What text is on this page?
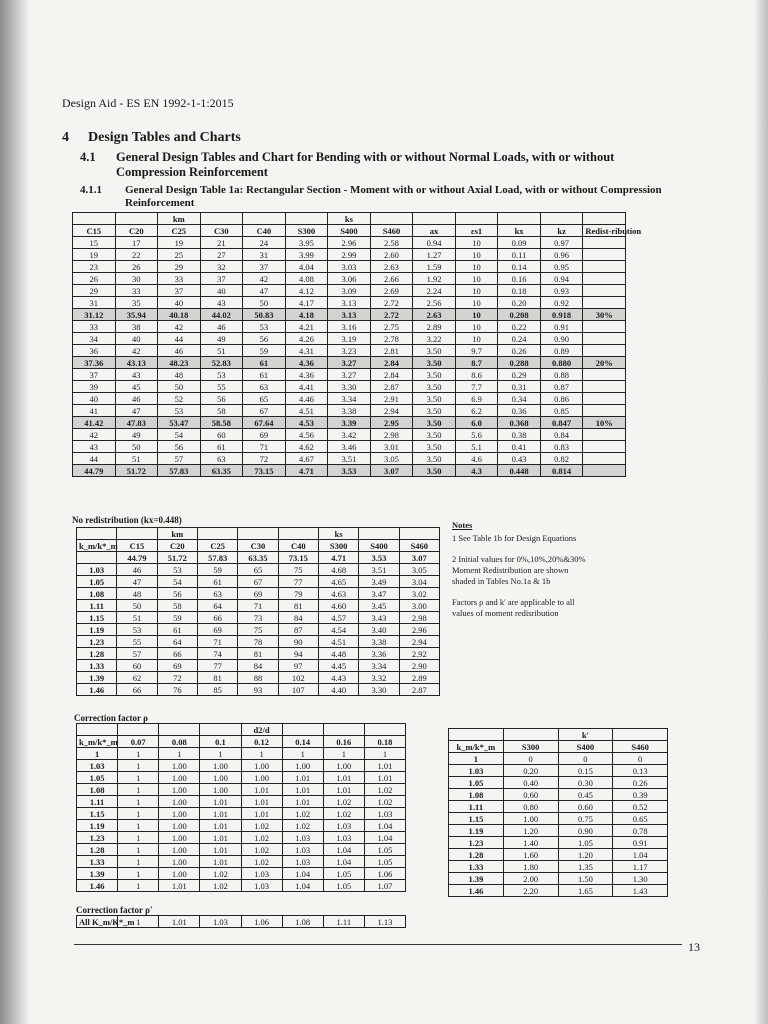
Design Aid - ES EN 1992-1-1:2015
4 Design Tables and Charts
4.1	General Design Tables and Chart for Bending with or without Normal Loads, with or without Compression Reinforcement
4.1.1 General Design Table 1a: Rectangular Section - Moment with or without Axial Load, with or without Compression Reinforcement
		km				ks						
C15	C20	C25	C30	C40	S300	S400	S460	ax	εs1	kx	kz	Redist-ribution
15	17	19	21	24	3.95	2.96	2.58	0.94	10	0.09	0.97	
19	22	25	27	31	3.99	2.99	2.60	1.27	10	0.11	0.96	
23	26	29	32	37	4.04	3.03	2.63	1.59	10	0.14	0.95	
26	30	33	37	42	4.08	3.06	2.66	1.92	10	0.16	0.94	
29	33	37	40	47	4.12	3.09	2.69	2.24	10	0.18	0.93	
31	35	40	43	50	4.17	3.13	2.72	2.56	10	0.20	0.92	
31.12	35.94	40.18	44.02	50.83	4.18	3.13	2.72	2.63	10	0.208	0.918	30%
33	38	42	46	53	4.21	3.16	2.75	2.89	10	0.22	0.91	
34	40	44	49	56	4.26	3.19	2.78	3.22	10	0.24	0.90	
36	42	46	51	59	4.31	3.23	2.81	3.50	9.7	0.26	0.89	
37.36	43.13	48.23	52.83	61	4.36	3.27	2.84	3.50	8.7	0.288	0.880	20%
37	43	48	53	61	4.36	3.27	2.84	3.50	8.6	0.29	0.88	
39	45	50	55	63	4.41	3.30	2.87	3.50	7.7	0.31	0.87	
40	46	52	56	65	4.46	3.34	2.91	3.50	6.9	0.34	0.86	
41	47	53	58	67	4.51	3.38	2.94	3.50	6.2	0.36	0.85	
41.42	47.83	53.47	58.58	67.64	4.53	3.39	2.95	3.50	6.0	0.368	0.847	10%
42	49	54	60	69	4.56	3.42	2.98	3.50	5.6	0.38	0.84	
43	50	56	61	71	4.62	3.46	3.01	3.50	5.1	0.41	0.83	
44	51	57	63	72	4.67	3.51	3.05	3.50	4.6	0.43	0.82	
44.79	51.72	57.83	63.35	73.15	4.71	3.53	3.07	3.50	4.3	0.448	0.814	
No redistribution (kx=0.448)
		km				ks		
k_m/k*_m	C15	C20	C25	C30	C40	S300	S400	S460
	44.79	51.72	57.83	63.35	73.15	4.71	3.53	3.07
1.03	46	53	59	65	75	4.68	3.51	3.05
1.05	47	54	61	67	77	4.65	3.49	3.04
1.08	48	56	63	69	79	4.63	3.47	3.02
1.11	50	58	64	71	81	4.60	3.45	3.00
1.15	51	59	66	73	84	4.57	3.43	2.98
1.19	53	61	69	75	87	4.54	3.40	2.96
1.23	55	64	71	78	90	4.51	3.38	2.94
1.28	57	66	74	81	94	4.48	3.36	2.92
1.33	60	69	77	84	97	4.45	3.34	2.90
1.39	62	72	81	88	102	4.43	3.32	2.89
1.46	66	76	85	93	107	4.40	3.30	2.87
Notes
1 See Table 1b for Design Equations
2 Initial values for 0%,10%,20%&30% Moment Redistribution are shown shaded in Tables No.1a & 1b
Factors ρ and k' are applicable to all values of moment redisribution
Correction factor ρ
				d2/d			
k_m/k*_m	0.07	0.08	0.1	0.12	0.14	0.16	0.18
1	1	1	1	1	1	1	1
1.03	1	1.00	1.00	1.00	1.00	1.00	1.01
1.05	1	1.00	1.00	1.00	1.01	1.01	1.01
1.08	1	1.00	1.00	1.01	1.01	1.01	1.02
1.11	1	1.00	1.01	1.01	1.01	1.02	1.02
1.15	1	1.00	1.01	1.01	1.02	1.02	1.03
1.19	1	1.00	1.01	1.02	1.02	1.03	1.04
1.23	1	1.00	1.01	1.02	1.03	1.03	1.04
1.28	1	1.00	1.01	1.02	1.03	1.04	1.05
1.33	1	1.00	1.01	1.02	1.03	1.04	1.05
1.39	1	1.00	1.02	1.03	1.04	1.05	1.06
1.46	1	1.01	1.02	1.03	1.04	1.05	1.07
Correction factor ρ'
All K_m/K*_m	1	1.01	1.03	1.06	1.08	1.11	1.13
		k'	
k_m/k*_m	S300	S400	S460
1	0	0	0
1.03	0.20	0.15	0.13
1.05	0.40	0.30	0.26
1.08	0.60	0.45	0.39
1.11	0.80	0.60	0.52
1.15	1.00	0.75	0.65
1.19	1.20	0.90	0.78
1.23	1.40	1.05	0.91
1.28	1.60	1.20	1.04
1.33	1.80	1.35	1.17
1.39	2.00	1.50	1.30
1.46	2.20	1.65	1.43
13
